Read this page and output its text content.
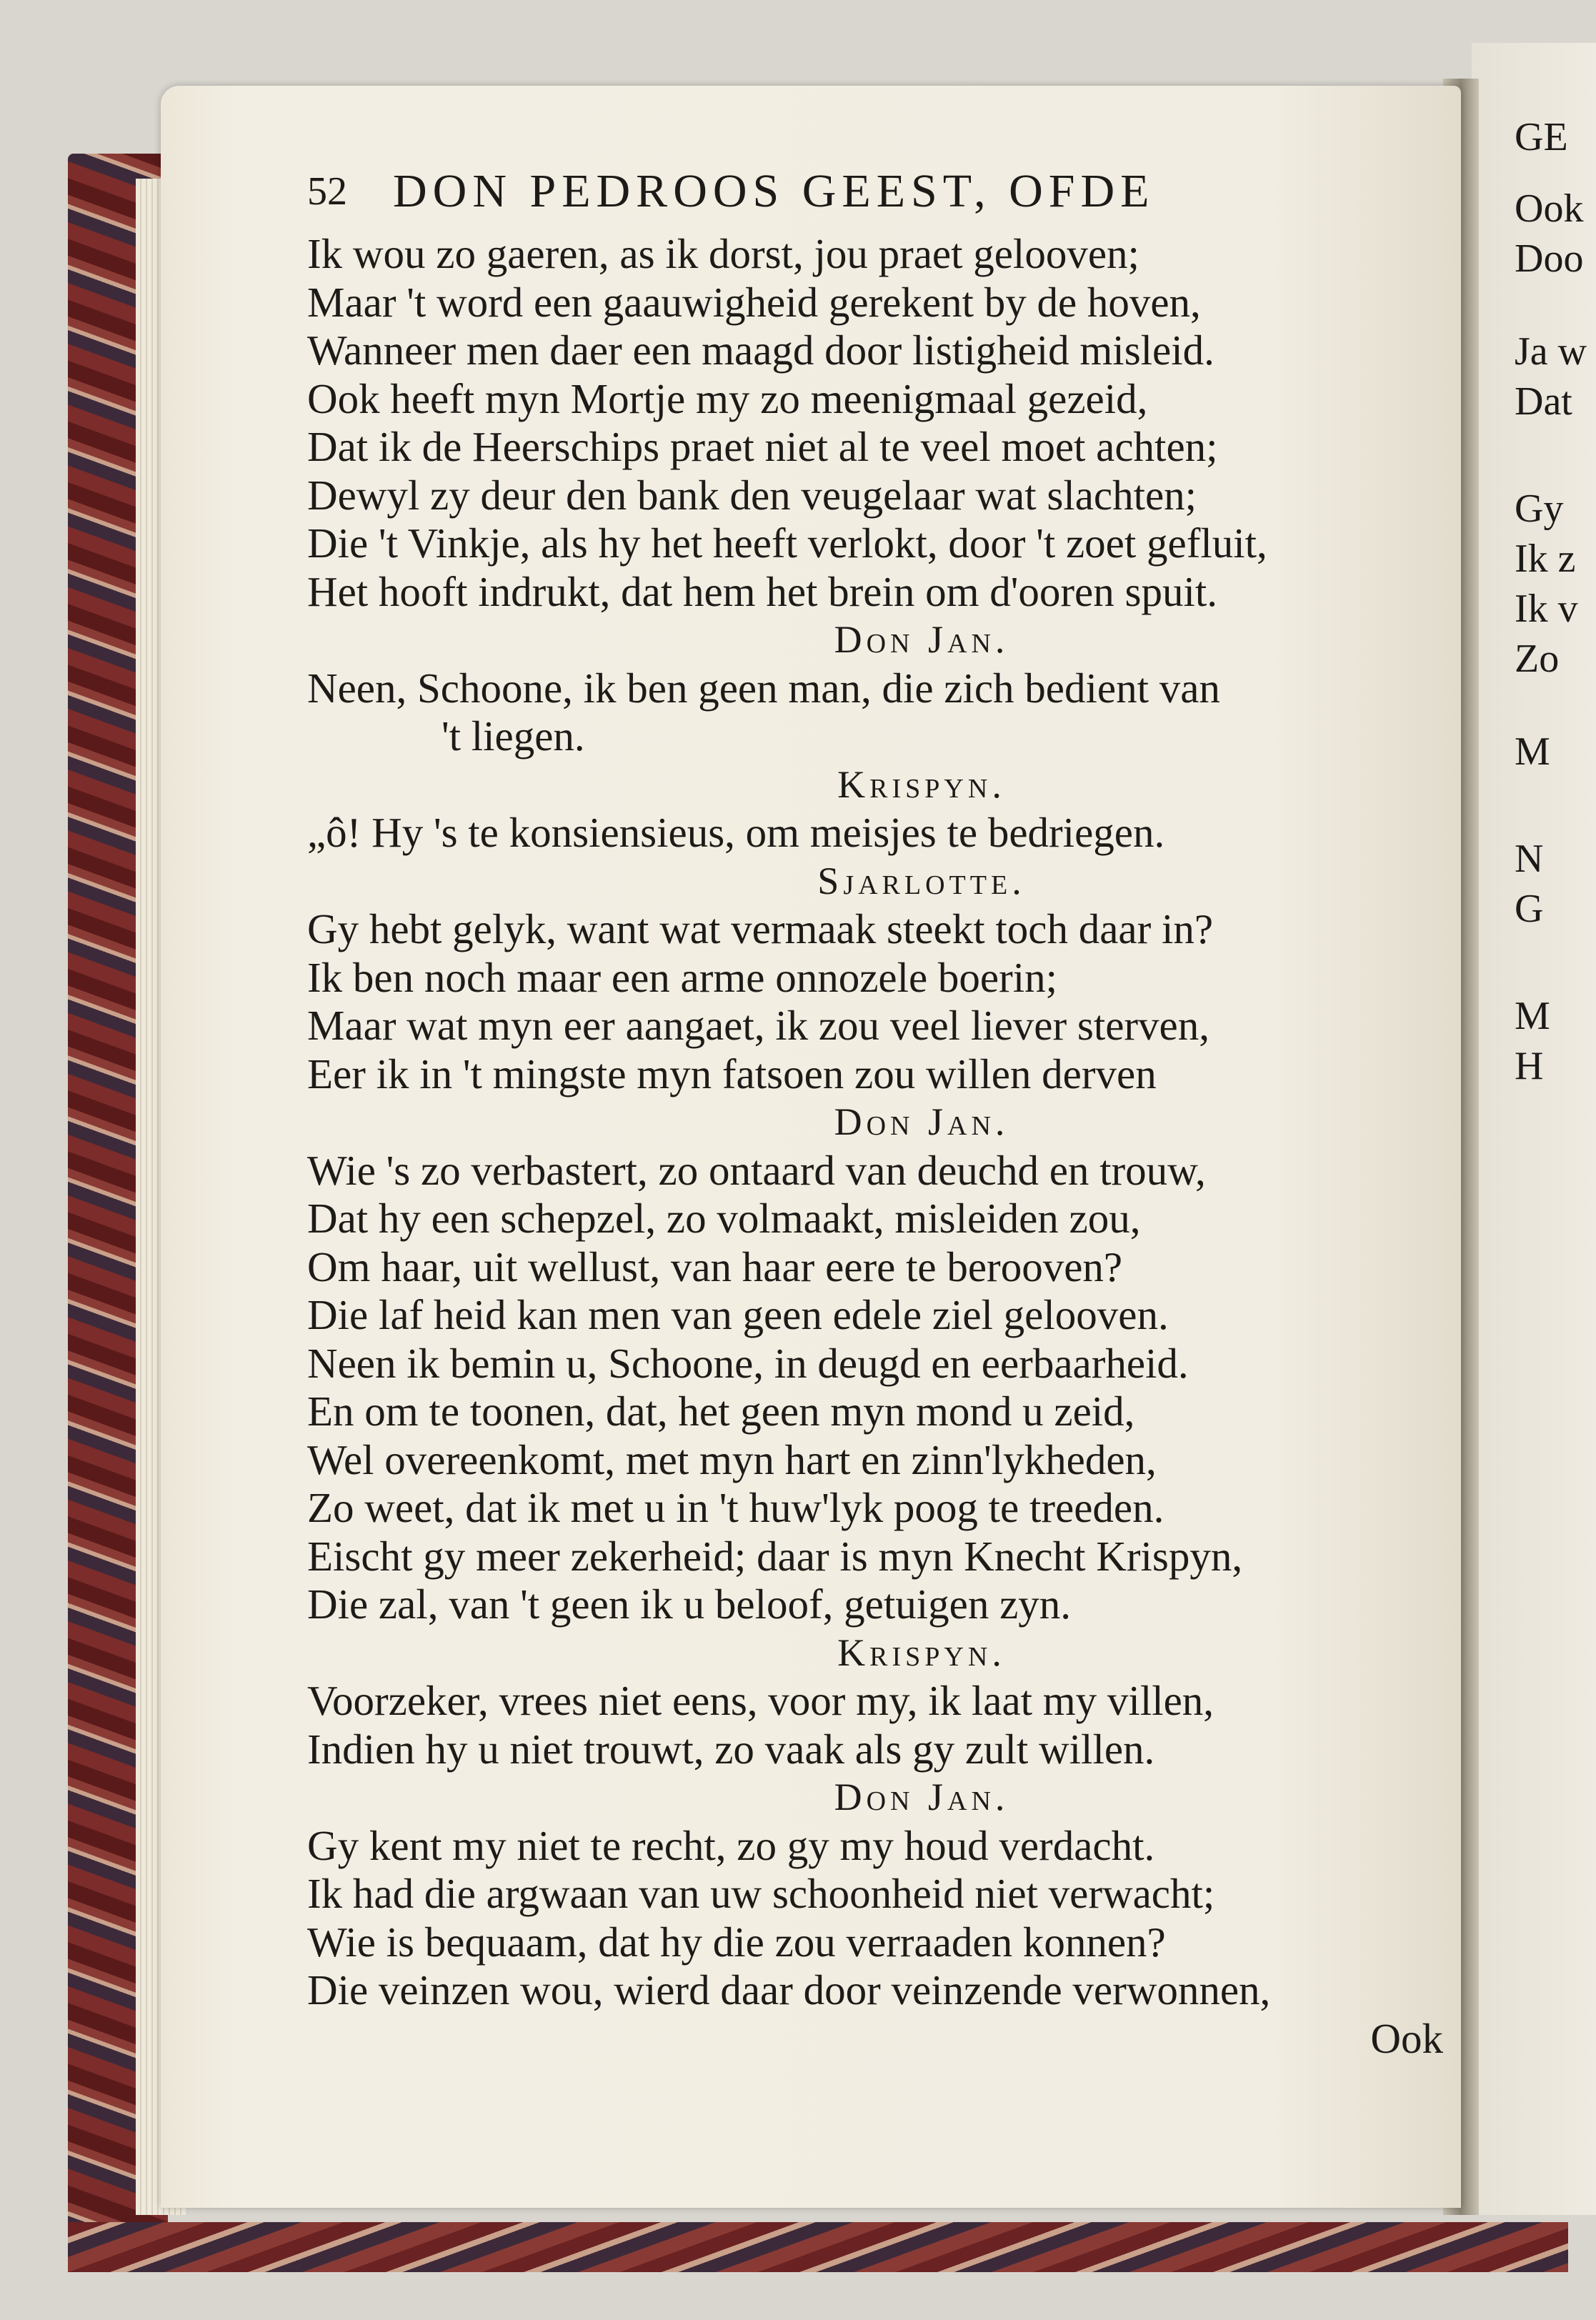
GE
Ook
Doo
Ja w
Dat
Gy
Ik z
Ik v
Zo
M
N
G
M
H
52 DON PEDROOS GEEST, OFDE
Ik wou zo gaeren, as ik dorst, jou praet gelooven;
Maar 't word een gaauwigheid gerekent by de hoven,
Wanneer men daer een maagd door listigheid misleid.
Ook heeft myn Mortje my zo meenigmaal gezeid,
Dat ik de Heerschips praet niet al te veel moet achten;
Dewyl zy deur den bank den veugelaar wat slachten;
Die 't Vinkje, als hy het heeft verlokt, door 't zoet gefluit,
Het hooft indrukt, dat hem het brein om d'ooren spuit.
Don Jan.
Neen, Schoone, ik ben geen man, die zich bedient van
't liegen.
Krispyn.
„ô! Hy 's te konsiensieus, om meisjes te bedriegen.
Sjarlotte.
Gy hebt gelyk, want wat vermaak steekt toch daar in?
Ik ben noch maar een arme onnozele boerin;
Maar wat myn eer aangaet, ik zou veel liever sterven,
Eer ik in 't mingste myn fatsoen zou willen derven
Don Jan.
Wie 's zo verbastert, zo ontaard van deuchd en trouw,
Dat hy een schepzel, zo volmaakt, misleiden zou,
Om haar, uit wellust, van haar eere te berooven?
Die laf heid kan men van geen edele ziel gelooven.
Neen ik bemin u, Schoone, in deugd en eerbaarheid.
En om te toonen, dat, het geen myn mond u zeid,
Wel overeenkomt, met myn hart en zinn'lykheden,
Zo weet, dat ik met u in 't huw'lyk poog te treeden.
Eischt gy meer zekerheid; daar is myn Knecht Krispyn,
Die zal, van 't geen ik u beloof, getuigen zyn.
Krispyn.
Voorzeker, vrees niet eens, voor my, ik laat my villen,
Indien hy u niet trouwt, zo vaak als gy zult willen.
Don Jan.
Gy kent my niet te recht, zo gy my houd verdacht.
Ik had die argwaan van uw schoonheid niet verwacht;
Wie is bequaam, dat hy die zou verraaden konnen?
Die veinzen wou, wierd daar door veinzende verwonnen,
Ook
